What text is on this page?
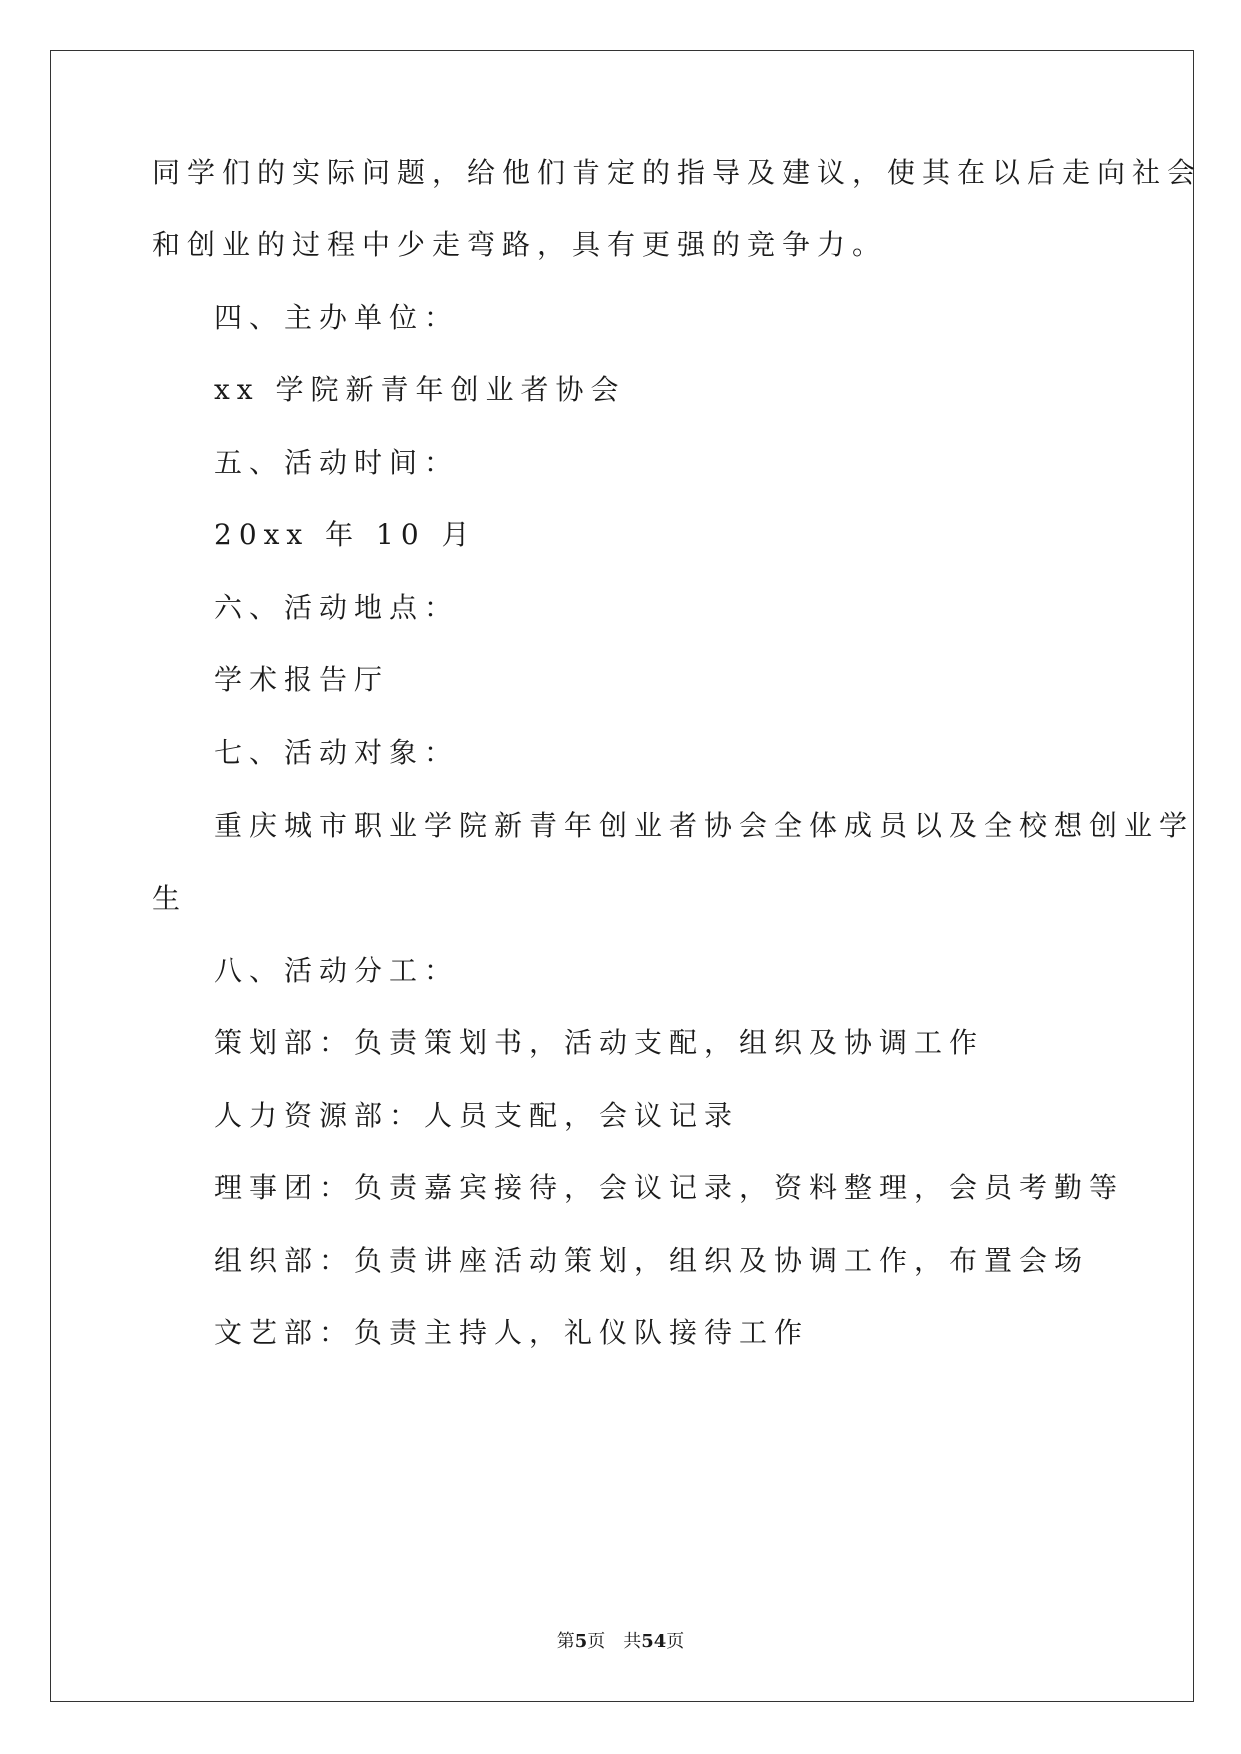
同学们的实际问题，给他们肯定的指导及建议，使其在以后走向社会
和创业的过程中少走弯路，具有更强的竞争力。
四、主办单位：
xx 学院新青年创业者协会
五、活动时间：
20xx 年 10 月
六、活动地点：
学术报告厅
七、活动对象：
重庆城市职业学院新青年创业者协会全体成员以及全校想创业学
生
八、活动分工：
策划部：负责策划书，活动支配，组织及协调工作
人力资源部：人员支配，会议记录
理事团：负责嘉宾接待，会议记录，资料整理，会员考勤等
组织部：负责讲座活动策划，组织及协调工作，布置会场
文艺部：负责主持人，礼仪队接待工作
第5页 共54页
